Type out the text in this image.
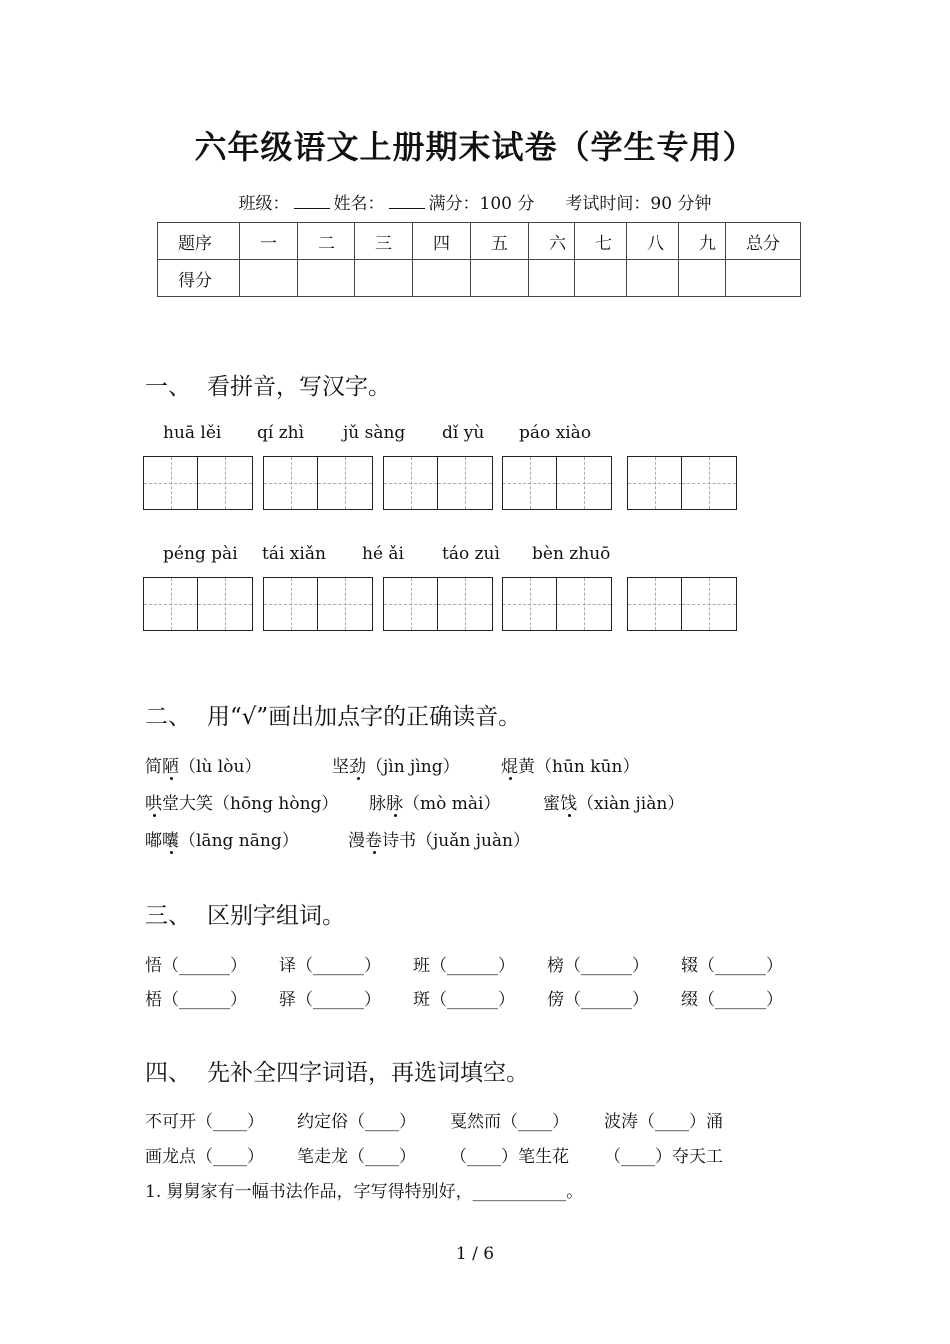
六年级语文上册期末试卷（学生专用）
班级：	姓名：	满分：100 分 考试时间：90 分钟
题序	一	二	三	四	五	六	七	八	九	总分
得分										
一、 看拼音，写汉字。
huā lěi qí zhì jǔ sàng dǐ yù páo xiào
péng pài tái xiǎn hé ǎi táo zuì bèn zhuō
二、 用“√”画出加点字的正确读音。
简陋（lù lòu）	坚劲（jìn jìng） 焜黄（hūn kūn）
哄堂大笑（hōng hòng） 脉脉（mò mài）	蜜饯（xiàn jiàn）
嘟囔（lāng nāng）	漫卷诗书（juǎn juàn）
三、 区别字组词。
悟（______） 译（______） 班（______） 榜（______） 辍（______）
梧（______） 驿（______） 斑（______） 傍（______） 缀（______）
四、 先补全四字词语，再选词填空。
不可开（____） 约定俗（____） 戛然而（____） 波涛（____）涌
画龙点（____） 笔走龙（____） （____）笔生花 （____）夺天工
1. 舅舅家有一幅书法作品，字写得特别好，___________。
1 / 6
